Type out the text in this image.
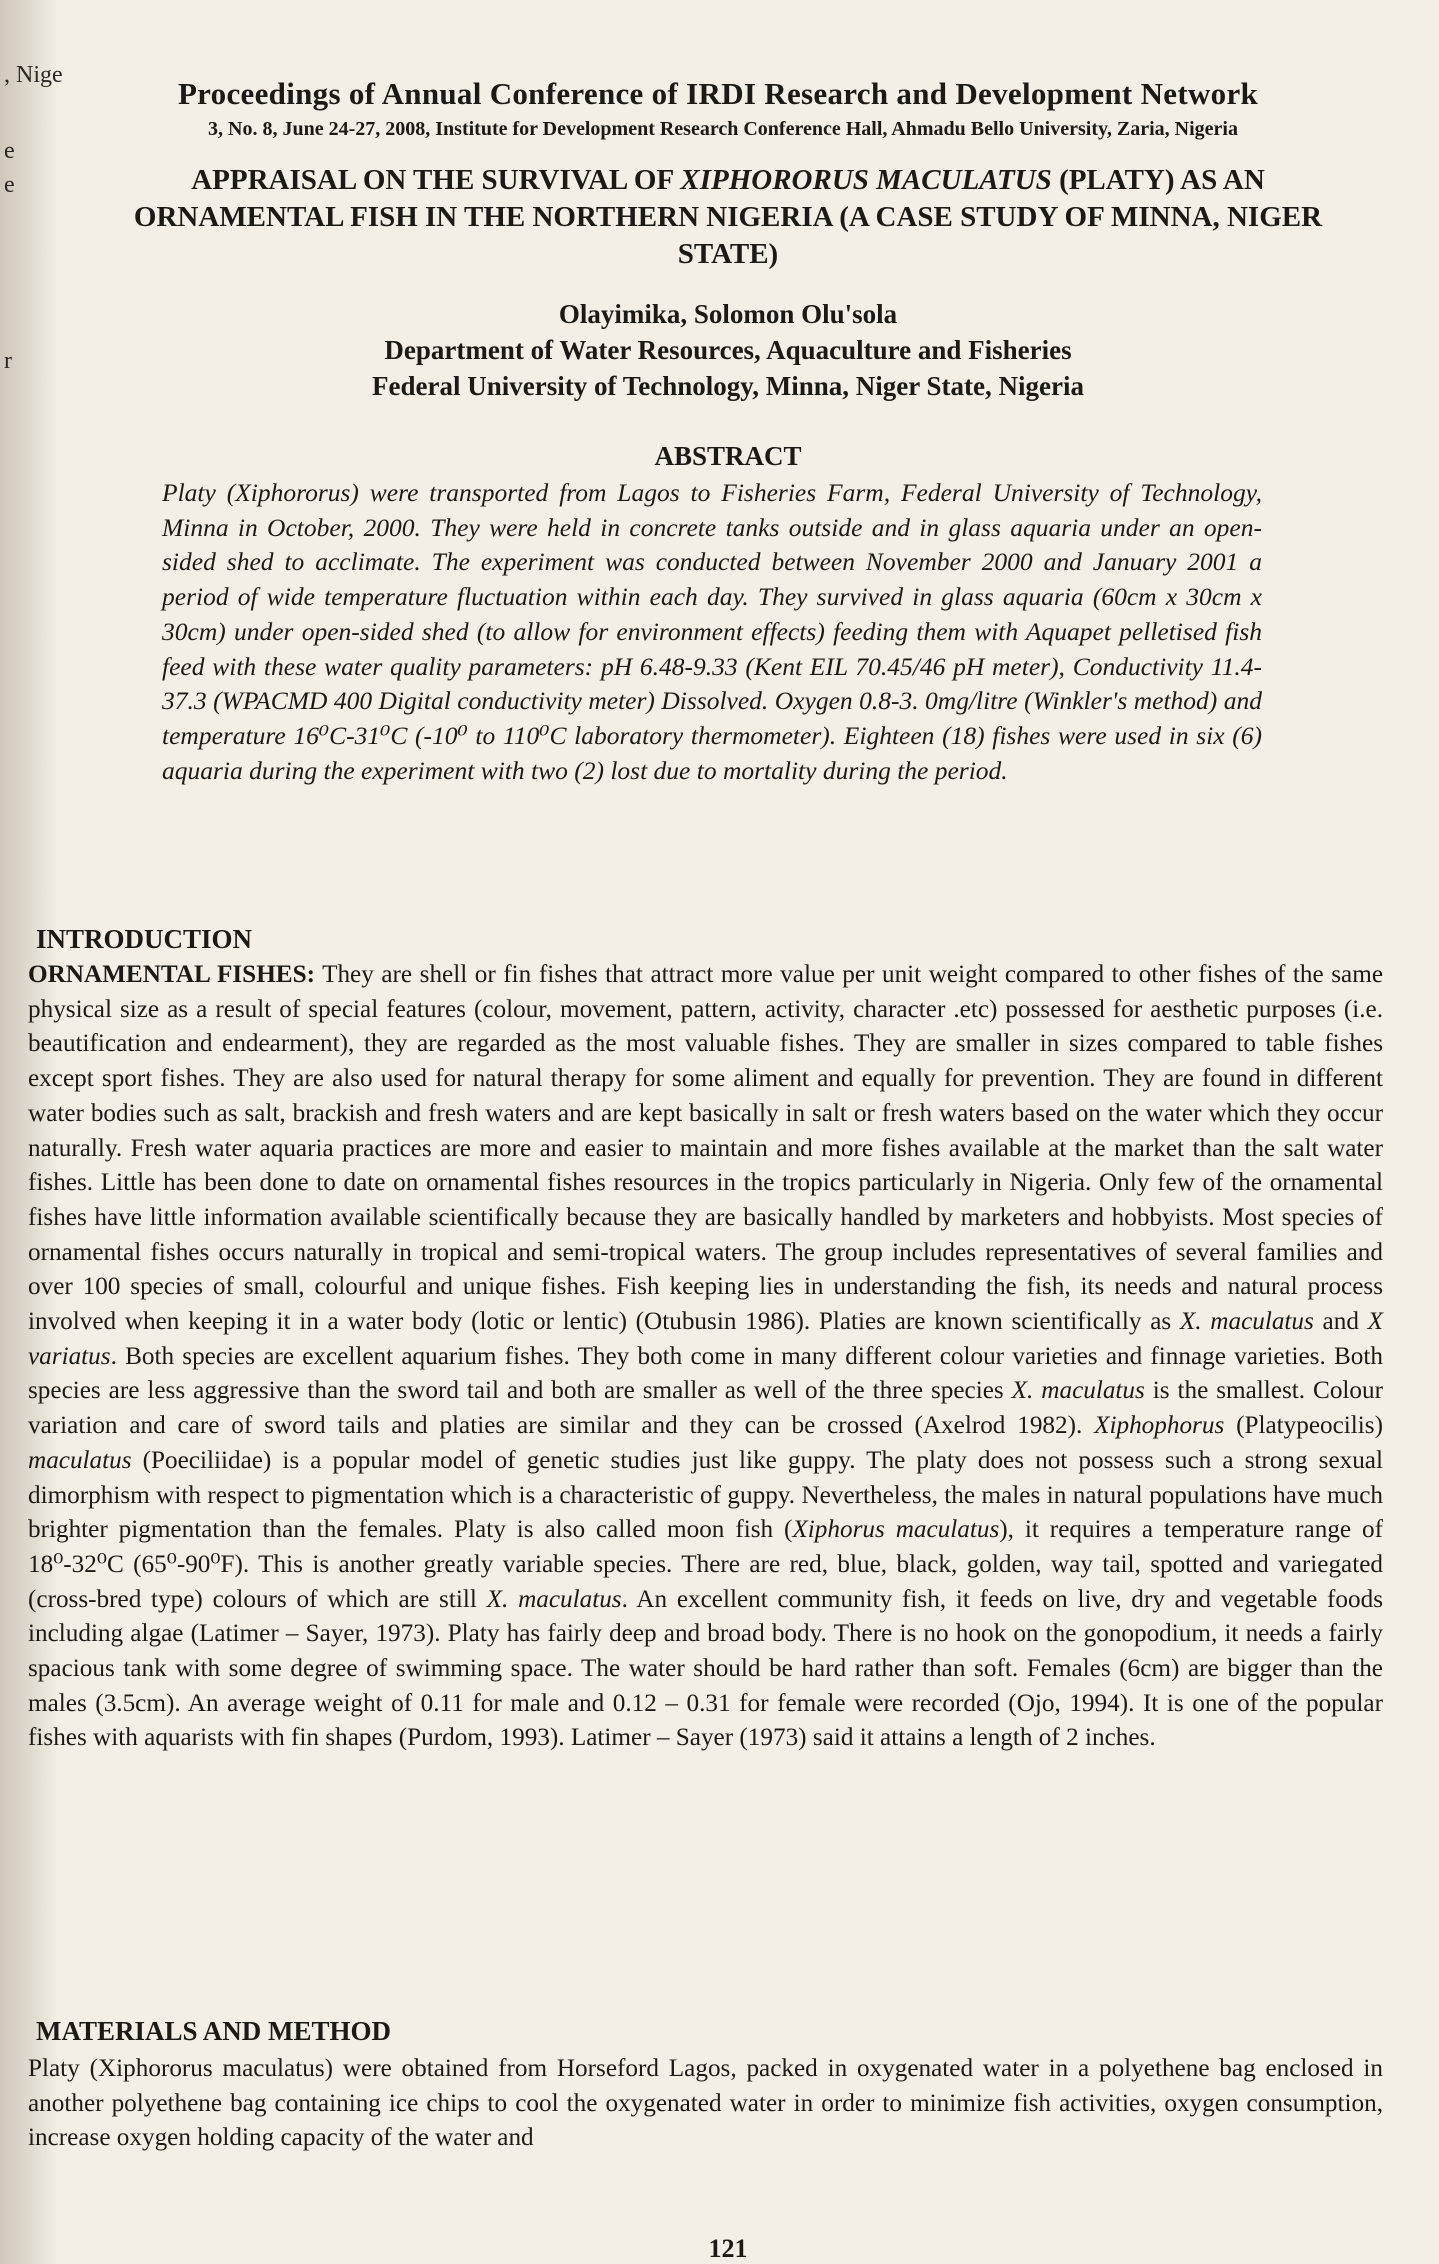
, Nige
e
e
r
Proceedings of Annual Conference of IRDI Research and Development Network
3, No. 8, June 24-27, 2008, Institute for Development Research Conference Hall, Ahmadu Bello University, Zaria, Nigeria
APPRAISAL ON THE SURVIVAL OF XIPHORORUS MACULATUS (PLATY) AS AN ORNAMENTAL FISH IN THE NORTHERN NIGERIA (A CASE STUDY OF MINNA, NIGER STATE)
Olayimika, Solomon Olu'sola
Department of Water Resources, Aquaculture and Fisheries
Federal University of Technology, Minna, Niger State, Nigeria
ABSTRACT
Platy (Xiphororus) were transported from Lagos to Fisheries Farm, Federal University of Technology, Minna in October, 2000. They were held in concrete tanks outside and in glass aquaria under an open-sided shed to acclimate. The experiment was conducted between November 2000 and January 2001 a period of wide temperature fluctuation within each day. They survived in glass aquaria (60cm x 30cm x 30cm) under open-sided shed (to allow for environment effects) feeding them with Aquapet pelletised fish feed with these water quality parameters: pH 6.48-9.33 (Kent EIL 70.45/46 pH meter), Conductivity 11.4-37.3 (WPACMD 400 Digital conductivity meter) Dissolved. Oxygen 0.8-3. 0mg/litre (Winkler's method) and temperature 16⁰C-31⁰C (-10⁰ to 110⁰C laboratory thermometer). Eighteen (18) fishes were used in six (6) aquaria during the experiment with two (2) lost due to mortality during the period.
INTRODUCTION
ORNAMENTAL FISHES: They are shell or fin fishes that attract more value per unit weight compared to other fishes of the same physical size as a result of special features (colour, movement, pattern, activity, character .etc) possessed for aesthetic purposes (i.e. beautification and endearment), they are regarded as the most valuable fishes. They are smaller in sizes compared to table fishes except sport fishes. They are also used for natural therapy for some aliment and equally for prevention. They are found in different water bodies such as salt, brackish and fresh waters and are kept basically in salt or fresh waters based on the water which they occur naturally. Fresh water aquaria practices are more and easier to maintain and more fishes available at the market than the salt water fishes. Little has been done to date on ornamental fishes resources in the tropics particularly in Nigeria. Only few of the ornamental fishes have little information available scientifically because they are basically handled by marketers and hobbyists. Most species of ornamental fishes occurs naturally in tropical and semi-tropical waters. The group includes representatives of several families and over 100 species of small, colourful and unique fishes. Fish keeping lies in understanding the fish, its needs and natural process involved when keeping it in a water body (lotic or lentic) (Otubusin 1986). Platies are known scientifically as X. maculatus and X variatus. Both species are excellent aquarium fishes. They both come in many different colour varieties and finnage varieties. Both species are less aggressive than the sword tail and both are smaller as well of the three species X. maculatus is the smallest. Colour variation and care of sword tails and platies are similar and they can be crossed (Axelrod 1982). Xiphophorus (Platypeocilis) maculatus (Poeciliidae) is a popular model of genetic studies just like guppy. The platy does not possess such a strong sexual dimorphism with respect to pigmentation which is a characteristic of guppy. Nevertheless, the males in natural populations have much brighter pigmentation than the females. Platy is also called moon fish (Xiphorus maculatus), it requires a temperature range of 18⁰-32⁰C (65⁰-90⁰F). This is another greatly variable species. There are red, blue, black, golden, way tail, spotted and variegated (cross-bred type) colours of which are still X. maculatus. An excellent community fish, it feeds on live, dry and vegetable foods including algae (Latimer – Sayer, 1973). Platy has fairly deep and broad body. There is no hook on the gonopodium, it needs a fairly spacious tank with some degree of swimming space. The water should be hard rather than soft. Females (6cm) are bigger than the males (3.5cm). An average weight of 0.11 for male and 0.12 – 0.31 for female were recorded (Ojo, 1994). It is one of the popular fishes with aquarists with fin shapes (Purdom, 1993). Latimer – Sayer (1973) said it attains a length of 2 inches.
MATERIALS AND METHOD
Platy (Xiphororus maculatus) were obtained from Horseford Lagos, packed in oxygenated water in a polyethene bag enclosed in another polyethene bag containing ice chips to cool the oxygenated water in order to minimize fish activities, oxygen consumption, increase oxygen holding capacity of the water and
121
